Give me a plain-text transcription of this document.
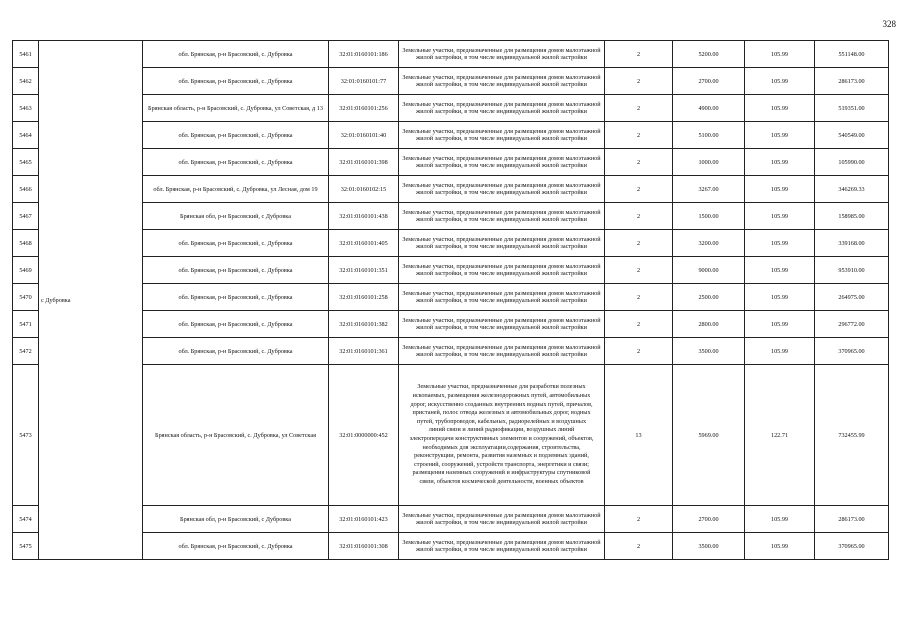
328
5461	с Дубровка	обл. Брянская, р-н Брасовский, с. Дубровка	32:01:0160101:186	Земельные участки, предназначенные для размещения домов малоэтажной жилой застройки, в том числе индивидуальной жилой застройки	2	5200.00	105.99	551148.00
5462		обл. Брянская, р-н Брасовский, с. Дубровка	32:01:0160101:77	Земельные участки, предназначенные для размещения домов малоэтажной жилой застройки, в том числе индивидуальной жилой застройки	2	2700.00	105.99	286173.00
5463		Брянская область, р-н Брасовский, с. Дубровка, ул Советская, д 13	32:01:0160101:256	Земельные участки, предназначенные для размещения домов малоэтажной жилой застройки, в том числе индивидуальной жилой застройки	2	4900.00	105.99	519351.00
5464		обл. Брянская, р-н Брасовский, с. Дубровка	32:01:0160101:40	Земельные участки, предназначенные для размещения домов малоэтажной жилой застройки, в том числе индивидуальной жилой застройки	2	5100.00	105.99	540549.00
5465		обл. Брянская, р-н Брасовский, с. Дубровка	32:01:0160101:398	Земельные участки, предназначенные для размещения домов малоэтажной жилой застройки, в том числе индивидуальной жилой застройки	2	1000.00	105.99	105990.00
5466		обл. Брянская, р-н Брасовский, с. Дубровка, ул Лесная, дом 19	32:01:0160102:15	Земельные участки, предназначенные для размещения домов малоэтажной жилой застройки, в том числе индивидуальной жилой застройки	2	3267.00	105.99	346269.33
5467		Брянская обл, р-н Брасовский, с Дубровка	32:01:0160101:438	Земельные участки, предназначенные для размещения домов малоэтажной жилой застройки, в том числе индивидуальной жилой застройки	2	1500.00	105.99	158985.00
5468		обл. Брянская, р-н Брасовский, с. Дубровка	32:01:0160101:405	Земельные участки, предназначенные для размещения домов малоэтажной жилой застройки, в том числе индивидуальной жилой застройки	2	3200.00	105.99	339168.00
5469		обл. Брянская, р-н Брасовский, с. Дубровка	32:01:0160101:351	Земельные участки, предназначенные для размещения домов малоэтажной жилой застройки, в том числе индивидуальной жилой застройки	2	9000.00	105.99	953910.00
5470		обл. Брянская, р-н Брасовский, с. Дубровка	32:01:0160101:258	Земельные участки, предназначенные для размещения домов малоэтажной жилой застройки, в том числе индивидуальной жилой застройки	2	2500.00	105.99	264975.00
5471		обл. Брянская, р-н Брасовский, с. Дубровка	32:01:0160101:382	Земельные участки, предназначенные для размещения домов малоэтажной жилой застройки, в том числе индивидуальной жилой застройки	2	2800.00	105.99	296772.00
5472		обл. Брянская, р-н Брасовский, с. Дубровка	32:01:0160101:361	Земельные участки, предназначенные для размещения домов малоэтажной жилой застройки, в том числе индивидуальной жилой застройки	2	3500.00	105.99	370965.00
5473		Брянская область, р-н Брасовский, с. Дубровка, ул Советская	32:01:0000000:452	Земельные участки, предназначенные для разработки полезных ископаемых, размещения железнодорожных путей, автомобильных дорог, искусственно созданных внутренних водных путей, причалов, пристаней, полос отвода железных и автомобильных дорог, водных путей, трубопроводов, кабельных, радиорелейных и воздушных линий связи и линий радиофикации, воздушных линий электропередачи конструктивных элементов и сооружений, объектов, необходимых для эксплуатации,содержания, строительства, реконструкции, ремонта, развития наземных и подземных зданий, строений, сооружений, устройств транспорта, энергетики и связи; размещения наземных сооружений и инфраструктуры спутниковой связи, объектов космической деятельности, военных объектов	13	5969.00	122.71	732455.99
5474		Брянская обл, р-н Брасовский, с Дубровка	32:01:0160101:423	Земельные участки, предназначенные для размещения домов малоэтажной жилой застройки, в том числе индивидуальной жилой застройки	2	2700.00	105.99	286173.00
5475		обл. Брянская, р-н Брасовский, с. Дубровка	32:01:0160101:308	Земельные участки, предназначенные для размещения домов малоэтажной жилой застройки, в том числе индивидуальной жилой застройки	2	3500.00	105.99	370965.00
